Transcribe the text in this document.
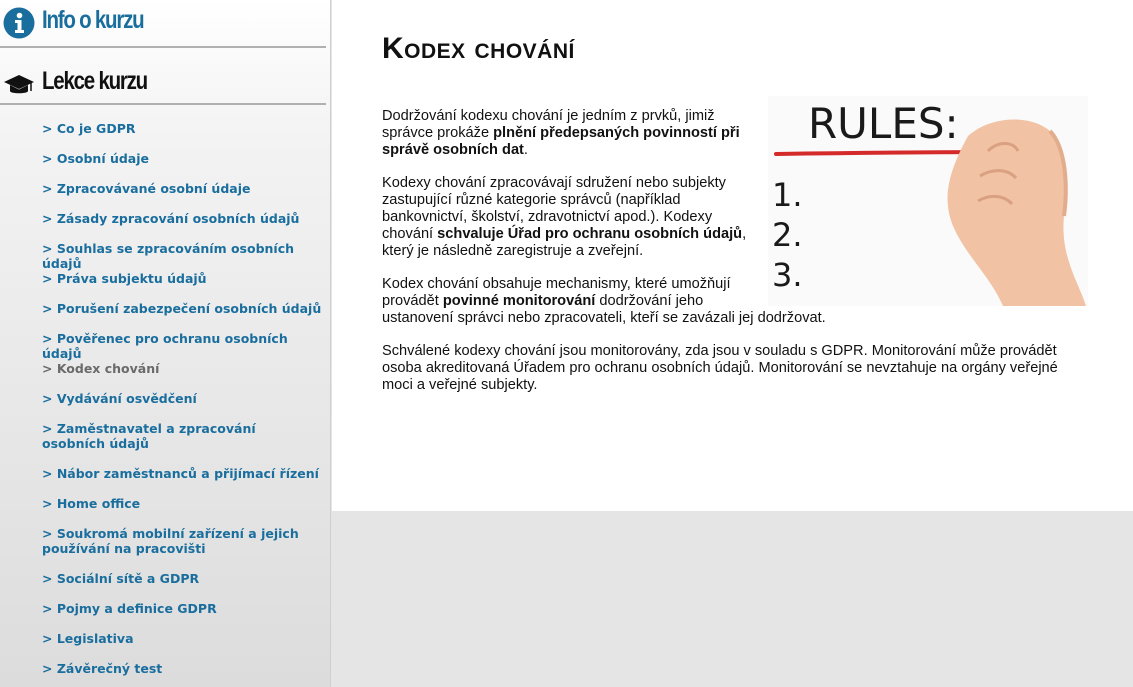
Info o kurzu
Lekce kurzu
> Co je GDPR
> Osobní údaje
> Zpracovávané osobní údaje
> Zásady zpracování osobních údajů
> Souhlas se zpracováním osobních údajů
> Práva subjektu údajů
> Porušení zabezpečení osobních údajů
> Pověřenec pro ochranu osobních údajů
> Kodex chování
> Vydávání osvědčení
> Zaměstnavatel a zpracování osobních údajů
> Nábor zaměstnanců a přijímací řízení
> Home office
> Soukromá mobilní zařízení a jejich používání na pracovišti
> Sociální sítě a GDPR
> Pojmy a definice GDPR
> Legislativa
> Závěrečný test
Kodex chování
RULES:
1.
2.
3.

Dodržování kodexu chování je jedním z prvků, jimiž správce prokáže plnění předepsaných povinností při správě osobních dat.

Kodexy chování zpracovávají sdružení nebo subjekty zastupující různé kategorie správců (například bankovnictví, školství, zdravotnictví apod.). Kodexy chování schvaluje Úřad pro ochranu osobních údajů, který je následně zaregistruje a zveřejní.

Kodex chování obsahuje mechanismy, které umožňují provádět povinné monitorování dodržování jeho ustanovení správci nebo zpracovateli, kteří se zavázali jej dodržovat.

Schválené kodexy chování jsou monitorovány, zda jsou v souladu s GDPR. Monitorování může provádět osoba akreditovaná Úřadem pro ochranu osobních údajů. Monitorování se nevztahuje na orgány veřejné moci a veřejné subjekty.
